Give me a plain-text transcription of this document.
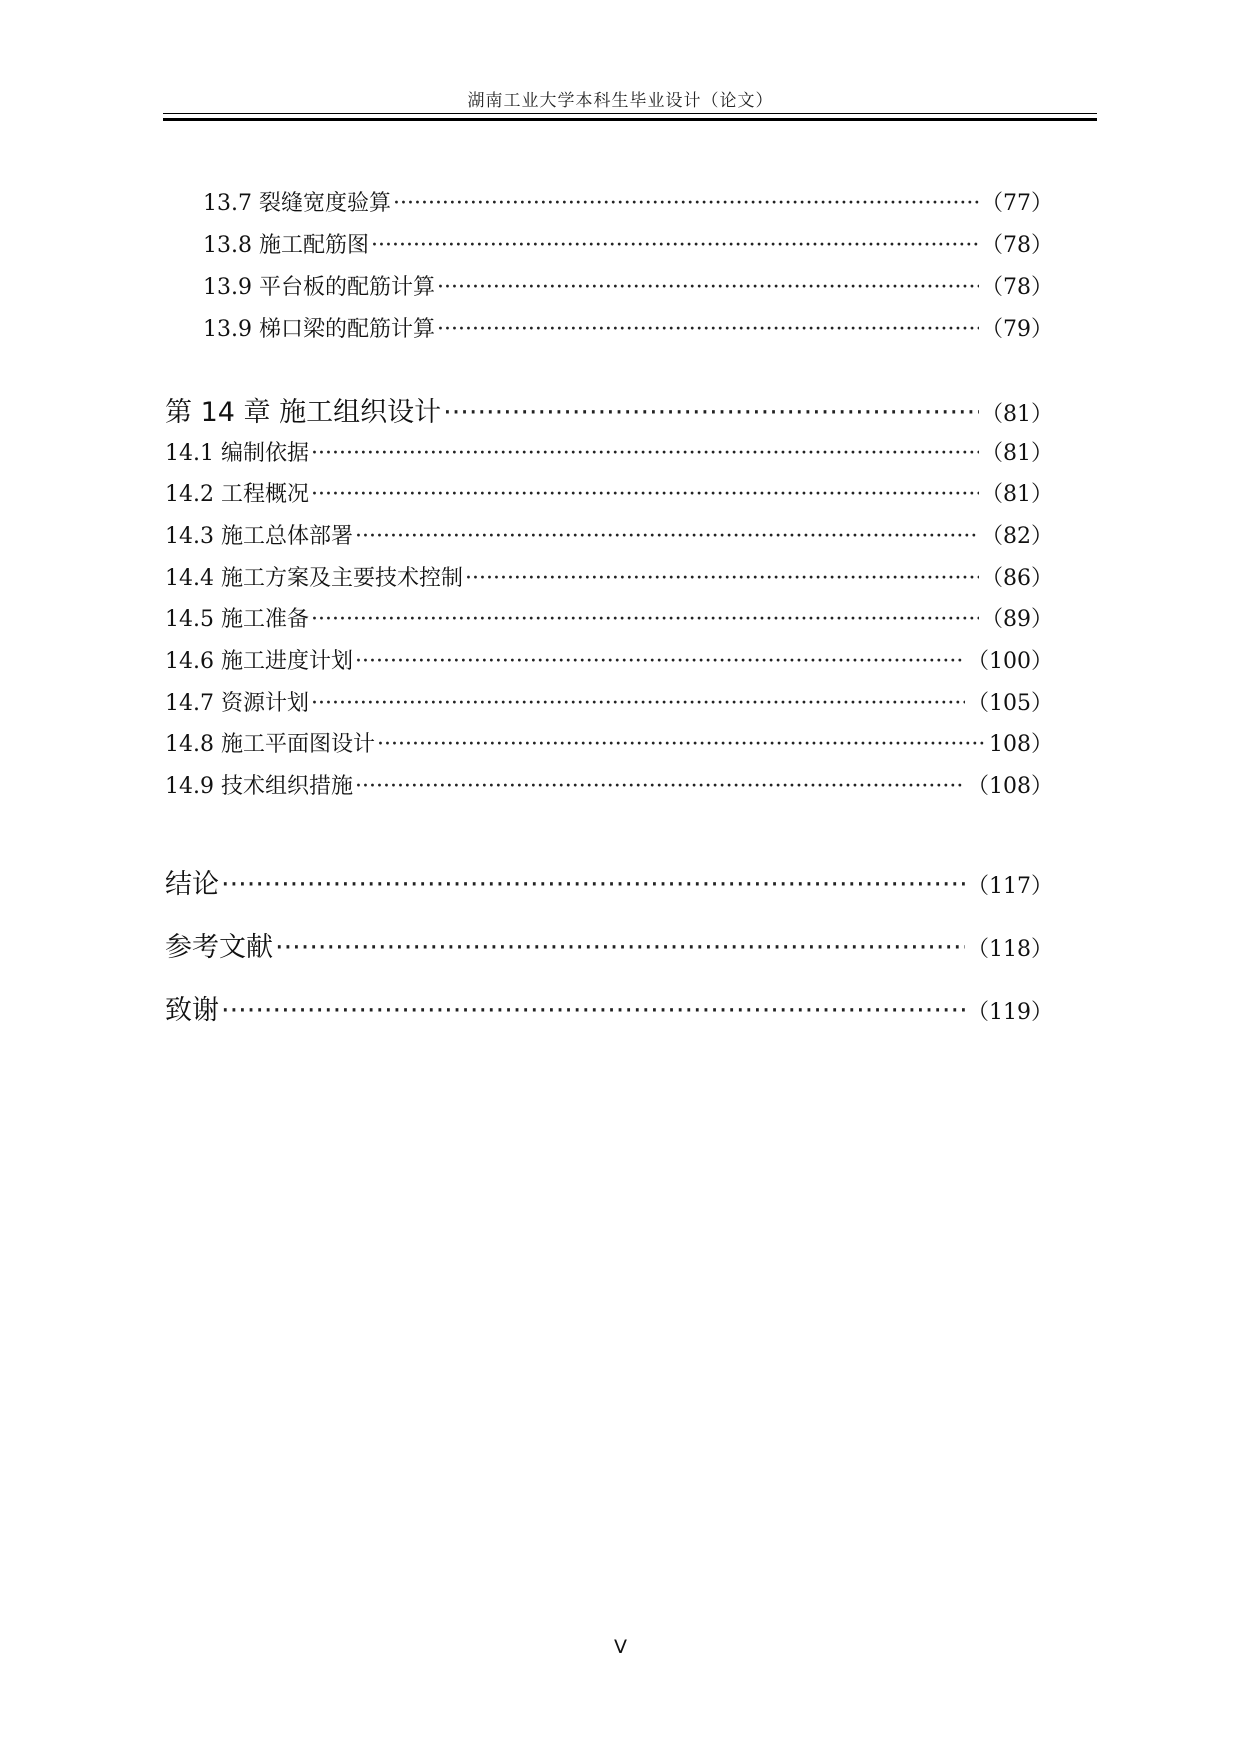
湖南工业大学本科生毕业设计（论文）
13.7 裂缝宽度验算 ·····	（77）
13.8 施工配筋图 ·····	（78）
13.9 平台板的配筋计算 ·····	（78）
13.9 梯口梁的配筋计算 ·····	（79）
第 14 章 施工组织设计 ·····	（81）
14.1 编制依据 ·····	（81）
14.2 工程概况 ·····	（81）
14.3 施工总体部署 ·····	（82）
14.4 施工方案及主要技术控制 ·····	（86）
14.5 施工准备 ·····	（89）
14.6 施工进度计划 ·····	（100）
14.7 资源计划 ·····	（105）
14.8 施工平面图设计 ·····	108）
14.9 技术组织措施 ·····	（108）
结论 ·····	（117）
参考文献 ·····	（118）
致谢 ·····	（119）
V
